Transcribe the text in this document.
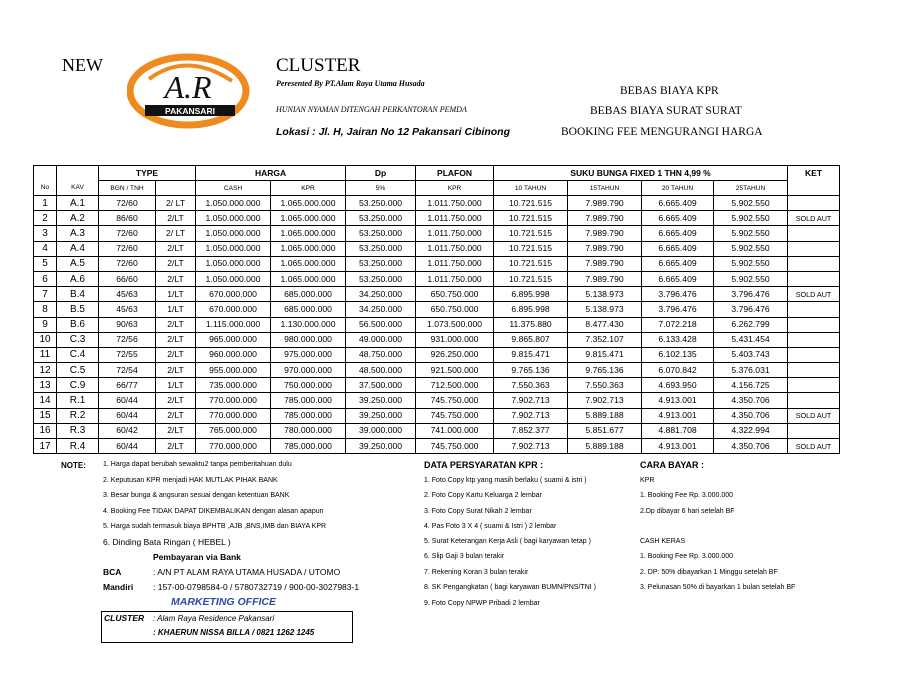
NEW
A.R
PAKANSARI
CLUSTER
Peresented By PT.Alam Raya Utama Husada
HUNIAN NYAMAN DITENGAH PERKANTORAN PEMDA
Lokasi : Jl. H, Jairan No 12 Pakansari Cibinong
BEBAS BIAYA KPR
BEBAS BIAYA SURAT SURAT
BOOKING FEE MENGURANGI HARGA
		TYPE		HARGA		Dp	PLAFON	SUKU BUNGA FIXED 1 THN 4,99 %				KET
No	KAV	BGN / TNH		CASH	KPR	5%	KPR	10 TAHUN	15TAHUN	20 TAHUN	25TAHUN	
1	A.1	72/60	2/ LT	1.050.000.000	1.065.000.000	53.250.000	1.011.750.000	10.721.515	7.989.790	6.665.409	5.902.550	
2	A.2	86/60	2/LT	1.050.000.000	1.065.000.000	53.250.000	1.011.750.000	10.721.515	7.989.790	6.665.409	5.902.550	SOLD AUT
3	A.3	72/60	2/ LT	1.050.000.000	1.065.000.000	53.250.000	1.011.750.000	10.721.515	7.989.790	6.665.409	5.902.550	
4	A.4	72/60	2/LT	1.050.000.000	1.065.000.000	53.250.000	1.011.750.000	10.721.515	7.989.790	6.665.409	5.902.550	
5	A.5	72/60	2/LT	1.050.000.000	1.065.000.000	53.250.000	1.011.750.000	10.721.515	7.989.790	6.665.409	5.902.550	
6	A.6	66/60	2/LT	1.050.000.000	1.065.000.000	53.250.000	1.011.750.000	10.721.515	7.989.790	6.665.409	5.902.550	
7	B.4	45/63	1/LT	670.000.000	685.000.000	34.250.000	650.750.000	6.895.998	5.138.973	3.796.476	3.796.476	SOLD AUT
8	B.5	45/63	1/LT	670.000.000	685.000.000	34.250.000	650.750.000	6.895.998	5.138.973	3.796.476	3.796.476	
9	B.6	90/63	2/LT	1.115.000.000	1.130.000.000	56.500.000	1.073.500.000	11.375.880	8.477.430	7.072.218	6.262.799	
10	C.3	72/56	2/LT	965.000.000	980.000.000	49.000.000	931.000.000	9.865.807	7.352.107	6.133.428	5.431.454	
11	C.4	72/55	2/LT	960.000.000	975.000.000	48.750.000	926.250.000	9.815.471	9.815.471	6.102.135	5.403.743	
12	C.5	72/54	2/LT	955.000.000	970.000.000	48.500.000	921.500.000	9.765.136	9.765.136	6.070.842	5.376.031	
13	C.9	66/77	1/LT	735.000.000	750.000.000	37.500.000	712.500.000	7.550.363	7.550.363	4.693.950	4.156.725	
14	R.1	60/44	2/LT	770.000.000	785.000.000	39.250.000	745.750.000	7.902.713	7.902.713	4.913.001	4.350.706	
15	R.2	60/44	2/LT	770.000.000	785.000.000	39.250.000	745.750.000	7.902.713	5.889.188	4.913.001	4.350.706	SOLD AUT
16	R.3	60/42	2/LT	765.000.000	780.000.000	39.000.000	741.000.000	7.852.377	5.851.677	4.881.708	4.322.994	
17	R.4	60/44	2/LT	770.000.000	785.000.000	39.250.000	745.750.000	7.902.713	5.889.188	4.913.001	4.350.706	SOLD AUT
NOTE: 1. Harga dapat berubah sewaktu2 tanpa pemberitahuan dulu
2. Keputusan KPR menjadi HAK MUTLAK PIHAK BANK
3. Besar bunga & angsuran sesuai dengan ketentuan BANK
4. Booking Fee TIDAK DAPAT DIKEMBALIKAN dengan alasan apapun
5. Harga sudah termasuk biaya BPHTB ,AJB ,BNS,IMB dan BIAYA KPR
6. Dinding Bata Ringan ( HEBEL )
Pembayaran via Bank
BCA	: A/N PT ALAM RAYA UTAMA HUSADA / UTOMO
Mandiri : 157-00-0798584-0 / 5780732719 / 900-00-3027983-1
MARKETING OFFICE
CLUSTER : Alam Raya Residence Pakansari
: KHAERUN NISSA BILLA / 0821 1262 1245
DATA PERSYARATAN KPR :
1. Foto Copy ktp yang masih berlaku ( suami & istri )
2. Foto Copy Kartu Keluarga 2 lembar
3. Foto Copy Surat Nikah 2 lembar
4. Pas Foto 3 X 4 ( suami & Istri ) 2 lembar
5. Surat Keterangan Kerja Asli ( bagi karyawan tetap )
6. Slip Gaji 3 bulan terakir
7. Rekening Koran 3 bulan terakir
8. SK Pengangkatan ( bagi karyawan BUMN/PNS/TNI )
9. Foto Copy NPWP Pribadi 2 lembar
CARA BAYAR :
KPR
1. Booking Fee Rp. 3.000.000
2.Dp dibayar 6 hari setelah BF
CASH KERAS
1. Booking Fee Rp. 3.000.000
2. DP: 50% dibayarkan 1 Minggu setelah BF
3. Pelunasan 50% di bayarkan 1 bulan setelah BF
